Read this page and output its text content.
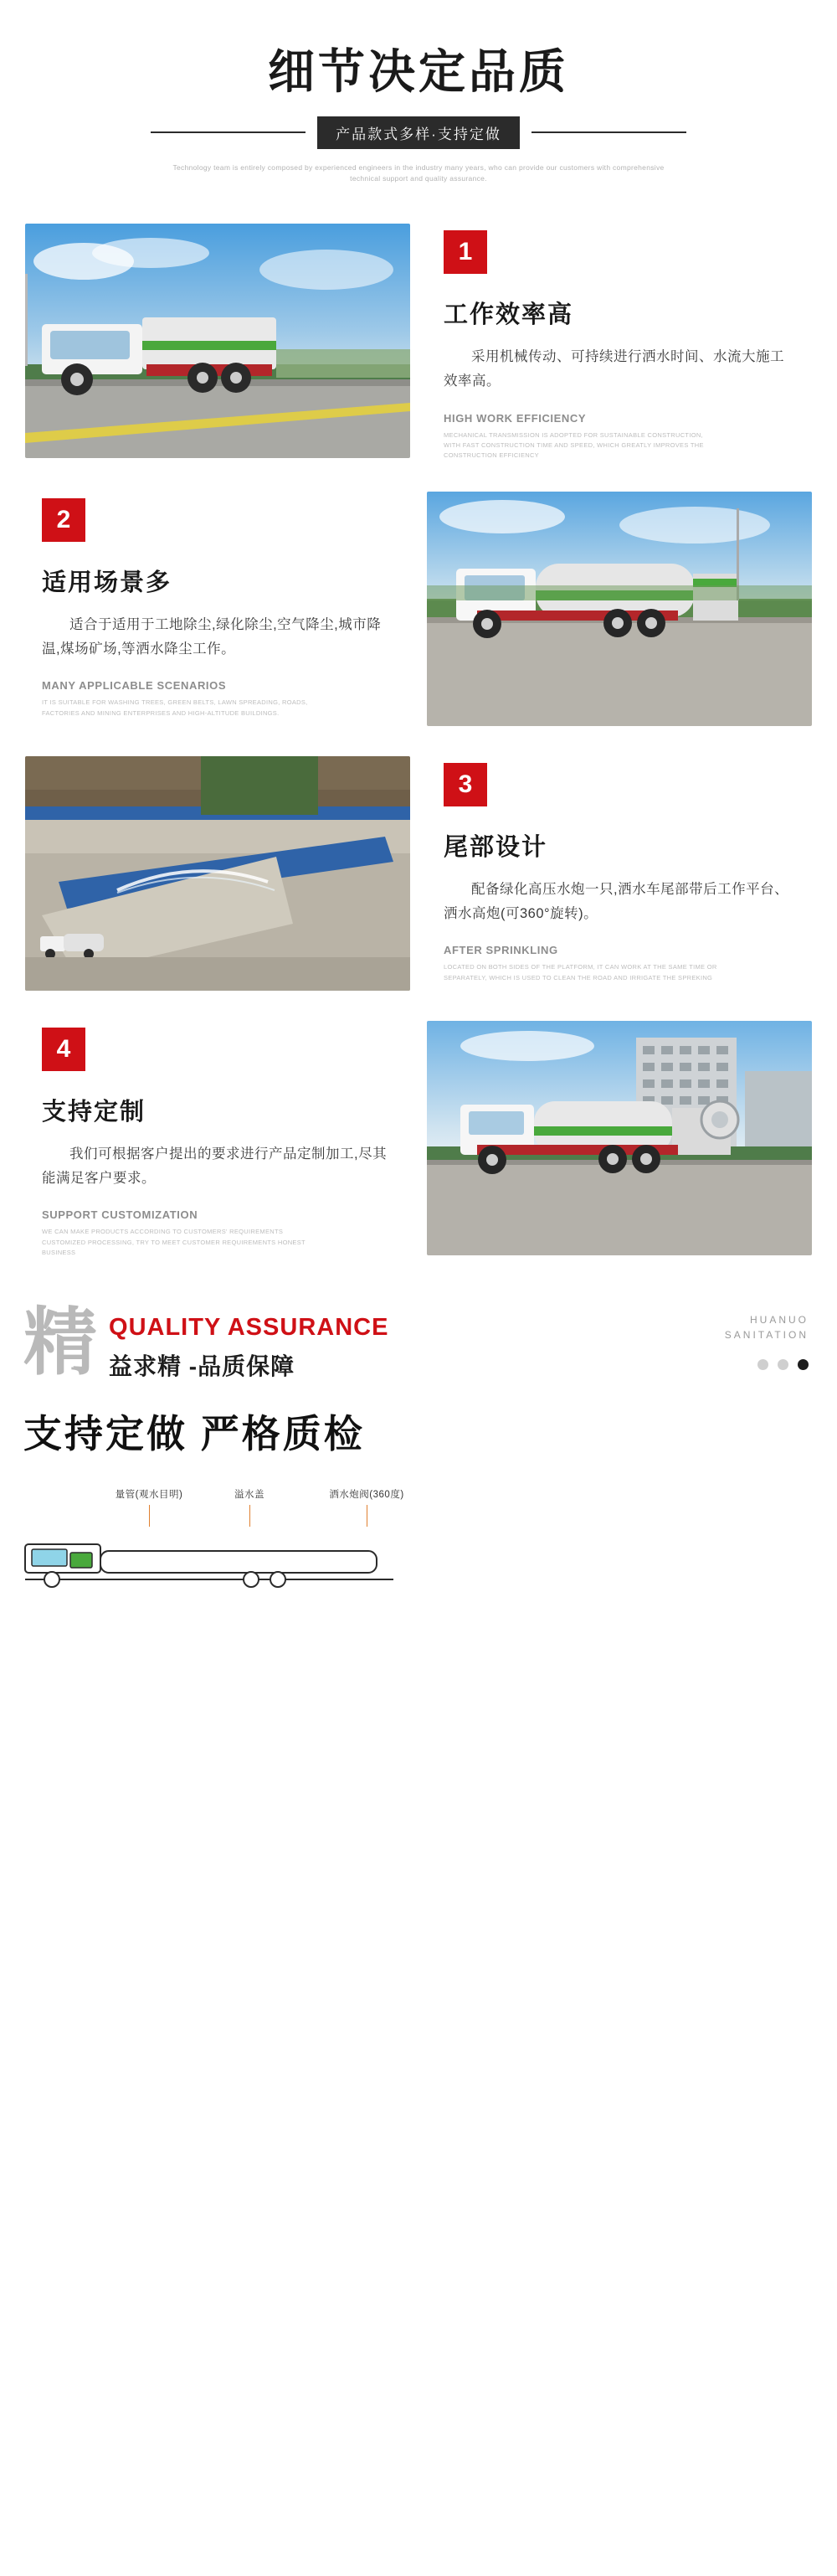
细节决定品质
产品款式多样·支持定做
Technology team is entirely composed by experienced engineers in the industry many years, who can provide our customers with comprehensive technical support and quality assurance.
1
工作效率高
采用机械传动、可持续进行洒水时间、水流大施工效率高。
HIGH WORK EFFICIENCY
MECHANICAL TRANSMISSION IS ADOPTED FOR SUSTAINABLE CONSTRUCTION, WITH FAST CONSTRUCTION TIME AND SPEED, WHICH GREATLY IMPROVES THE CONSTRUCTION EFFICIENCY
2
适用场景多
适合于适用于工地除尘,绿化除尘,空气降尘,城市降温,煤场矿场,等洒水降尘工作。
MANY APPLICABLE SCENARIOS
IT IS SUITABLE FOR WASHING TREES, GREEN BELTS, LAWN SPREADING, ROADS, FACTORIES AND MINING ENTERPRISES AND HIGH-ALTITUDE BUILDINGS.
3
尾部设计
配备绿化高压水炮一只,洒水车尾部带后工作平台、洒水高炮(可360°旋转)。
AFTER SPRINKLING
LOCATED ON BOTH SIDES OF THE PLATFORM, IT CAN WORK AT THE SAME TIME OR SEPARATELY, WHICH IS USED TO CLEAN THE ROAD AND IRRIGATE THE SPREKING
4
支持定制
我们可根据客户提出的要求进行产品定制加工,尽其能满足客户要求。
SUPPORT CUSTOMIZATION
WE CAN MAKE PRODUCTS ACCORDING TO CUSTOMERS' REQUIREMENTS CUSTOMIZED PROCESSING, TRY TO MEET CUSTOMER REQUIREMENTS HONEST BUSINESS
精 QUALITY ASSURANCE
益求精 -品质保障
HUANUO
SANITATION
支持定做 严格质检
量管(观水目明)	溢水盖	洒水炮阀(360度)
